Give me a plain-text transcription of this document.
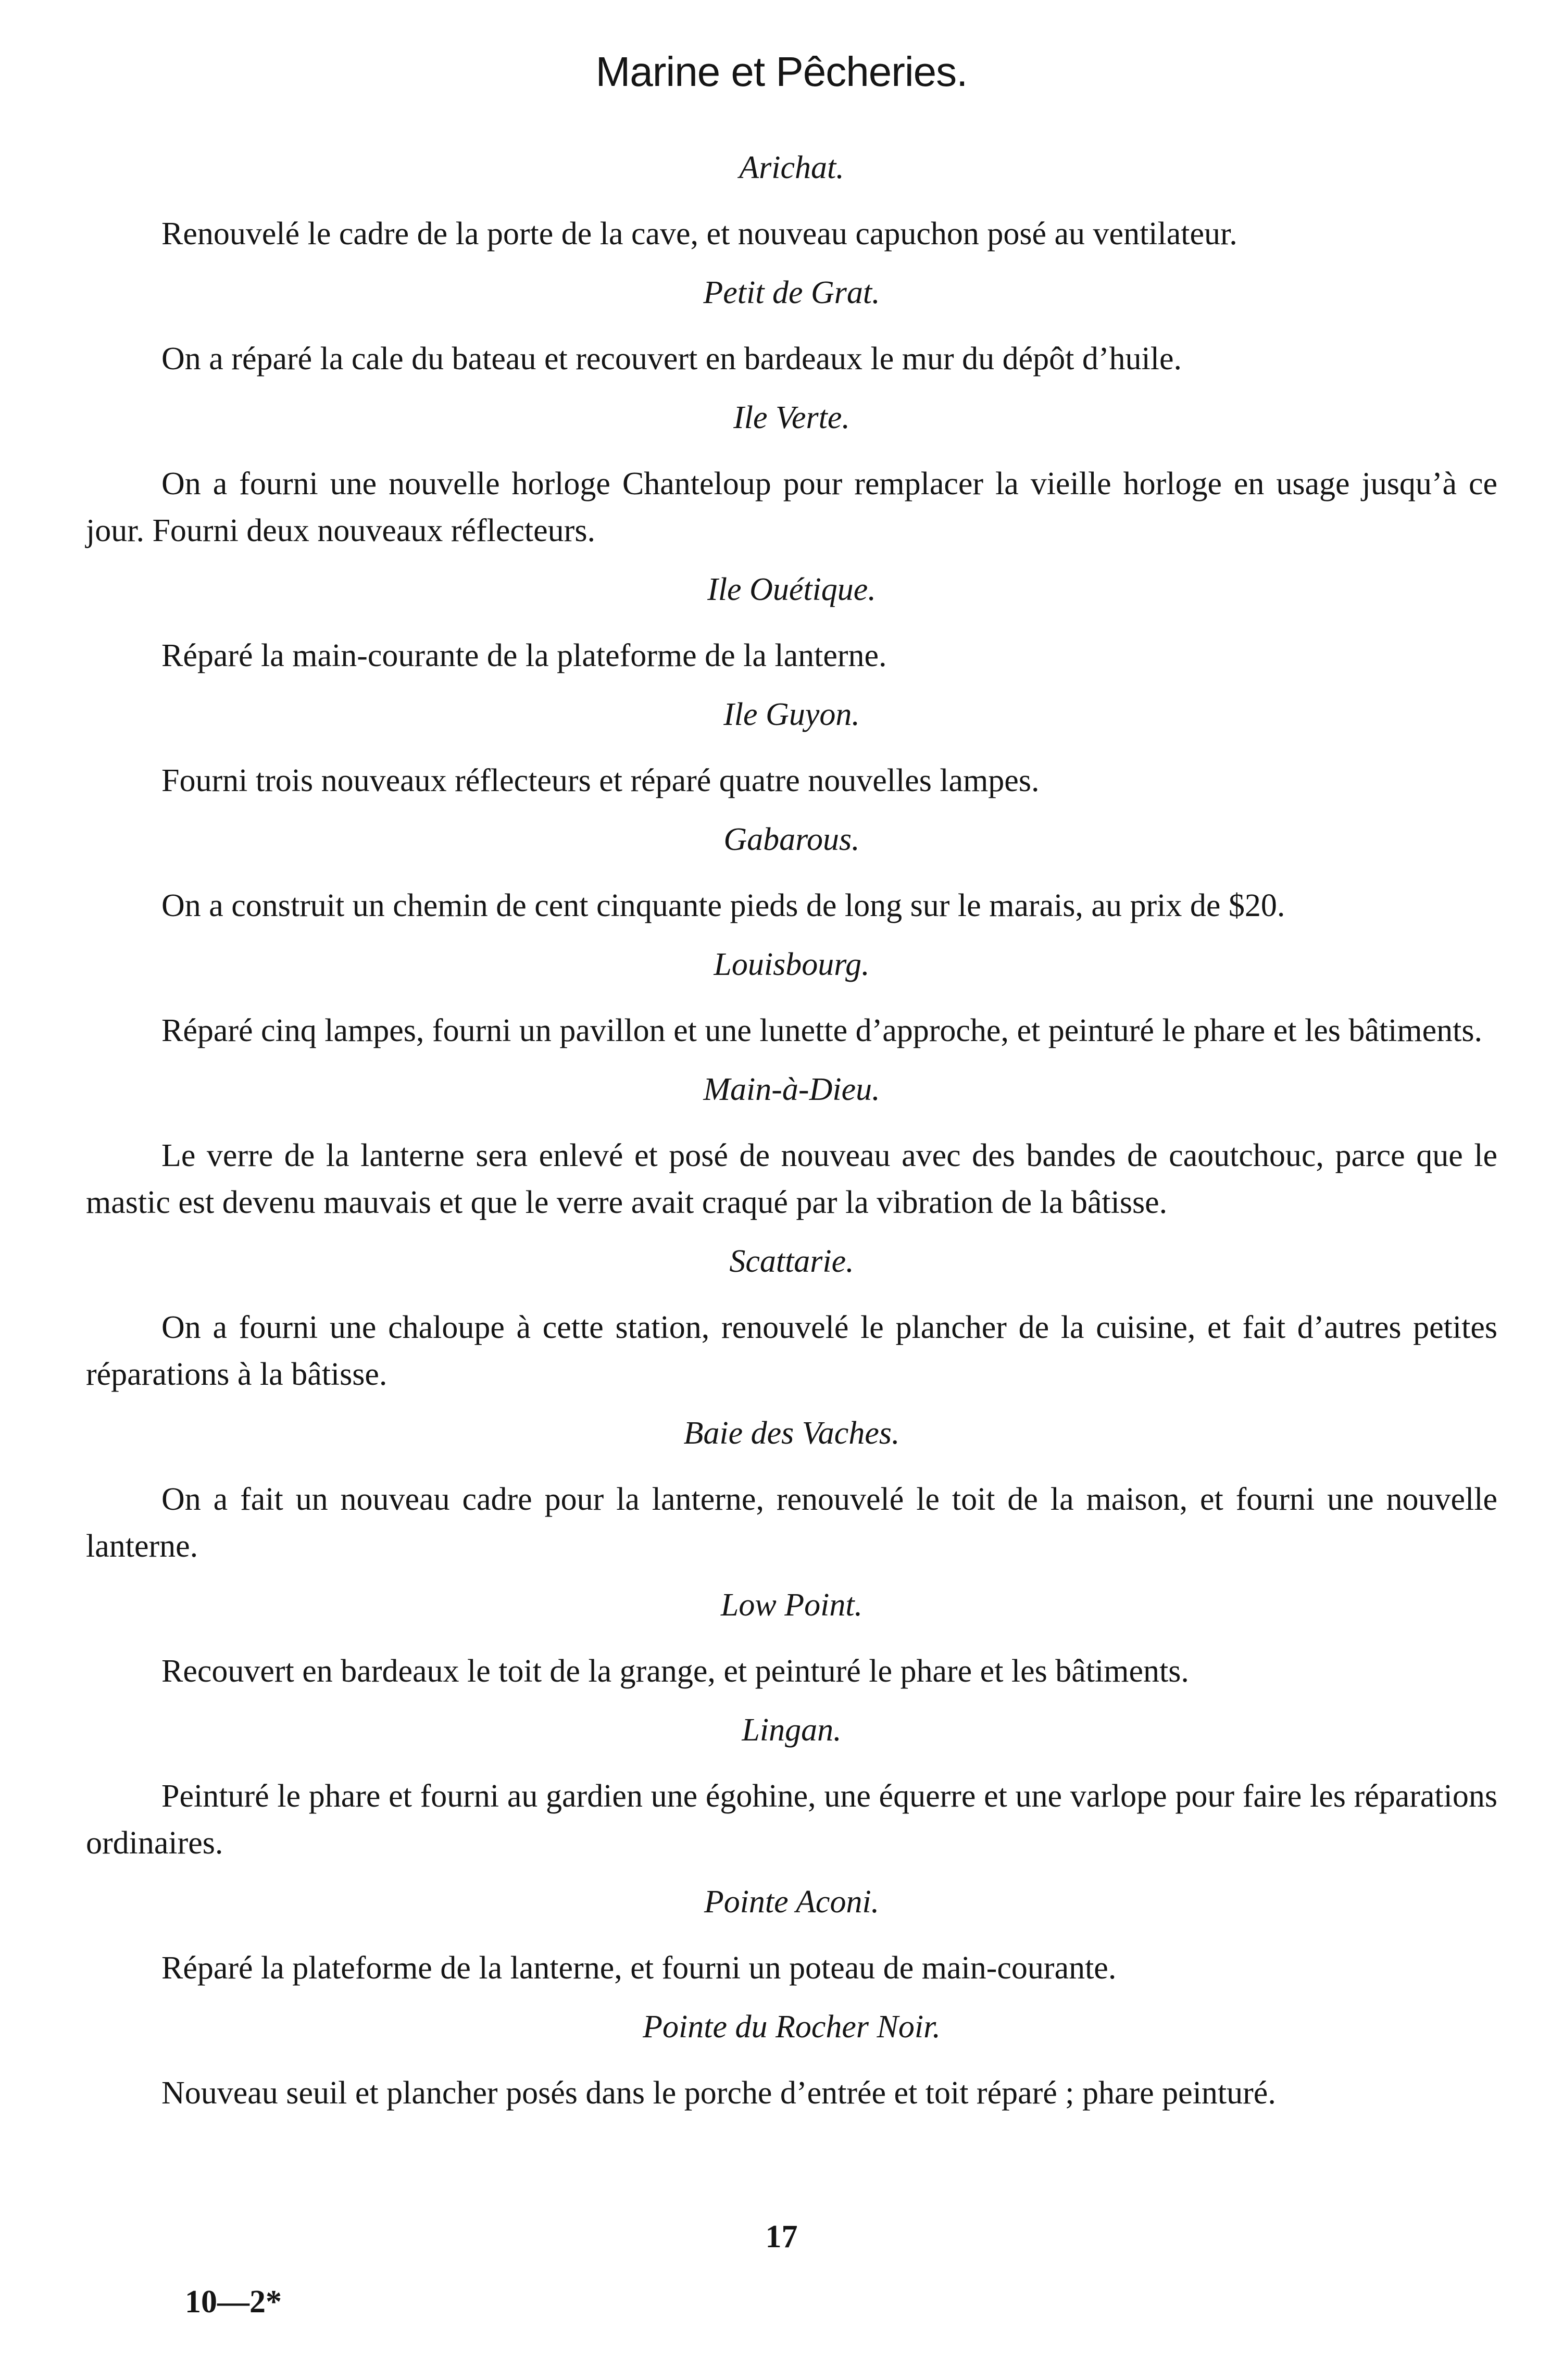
Marine et Pêcheries.
Arichat.

Renouvelé le cadre de la porte de la cave, et nouveau capuchon posé au ventilateur.

Petit de Grat.

On a réparé la cale du bateau et recouvert en bardeaux le mur du dépôt d’huile.

Ile Verte.

On a fourni une nouvelle horloge Chanteloup pour remplacer la vieille horloge en usage jusqu’à ce jour. Fourni deux nouveaux réflecteurs.

Ile Ouétique.

Réparé la main-courante de la plateforme de la lanterne.

Ile Guyon.

Fourni trois nouveaux réflecteurs et réparé quatre nouvelles lampes.

Gabarous.

On a construit un chemin de cent cinquante pieds de long sur le marais, au prix de $20.

Louisbourg.

Réparé cinq lampes, fourni un pavillon et une lunette d’approche, et peinturé le phare et les bâtiments.

Main-à-Dieu.

Le verre de la lanterne sera enlevé et posé de nouveau avec des bandes de caoutchouc, parce que le mastic est devenu mauvais et que le verre avait craqué par la vibration de la bâtisse.

Scattarie.

On a fourni une chaloupe à cette station, renouvelé le plancher de la cuisine, et fait d’autres petites réparations à la bâtisse.

Baie des Vaches.

On a fait un nouveau cadre pour la lanterne, renouvelé le toit de la maison, et fourni une nouvelle lanterne.

Low Point.

Recouvert en bardeaux le toit de la grange, et peinturé le phare et les bâtiments.

Lingan.

Peinturé le phare et fourni au gardien une égohine, une équerre et une varlope pour faire les réparations ordinaires.

Pointe Aconi.

Réparé la plateforme de la lanterne, et fourni un poteau de main-courante.

Pointe du Rocher Noir.

Nouveau seuil et plancher posés dans le porche d’entrée et toit réparé ; phare peinturé.

17
10—2*
